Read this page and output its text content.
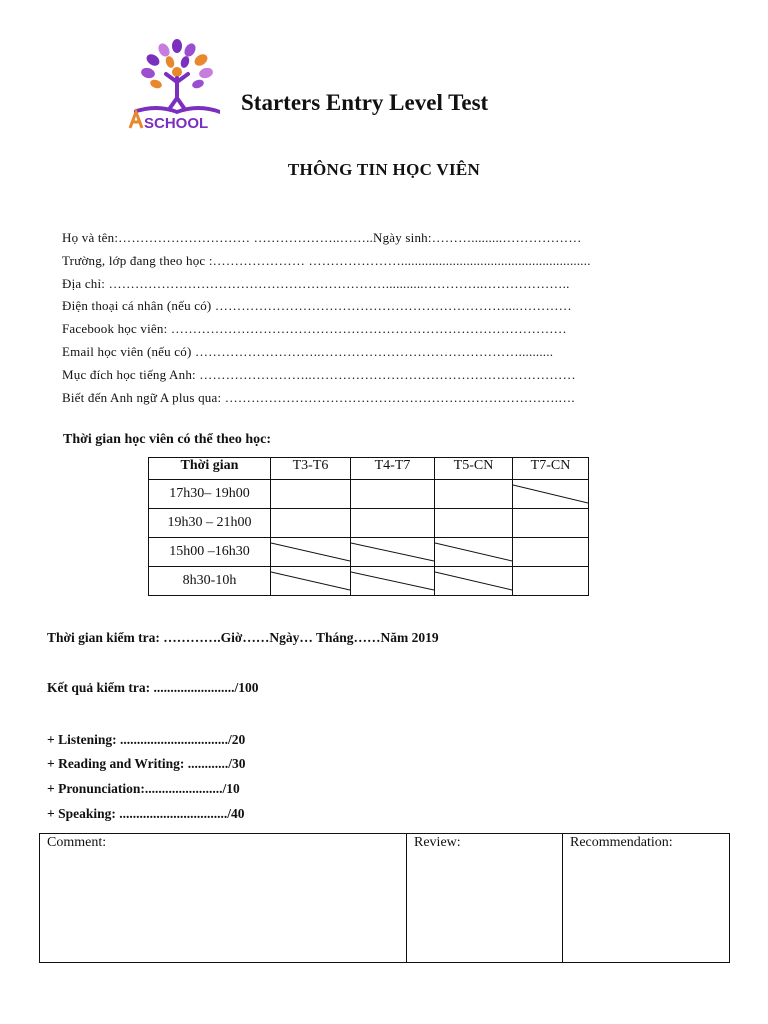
SCHOOL
Starters Entry Level Test
THÔNG TIN HỌC VIÊN
Họ và tên:………………………… ………………..……..Ngày sinh:……….........………………
Trường, lớp đang theo học :………………… ………………….......................................................
Địa chỉ: ………………………………………………………...........…………..………………..
Điện thoại cá nhân (nếu có) …………………………………………………………....…………
Facebook học viên: ………………………………………………………………………………
Email học viên (nếu có) ………………………..………………………………………..........
Mục đích học tiếng Anh: ……………………..……………………………………………………
Biết đến Anh ngữ A plus qua: ………………………………………………………………….….
Thời gian học viên có thể theo học:
Thời gian	T3-T6	T4-T7	T5-CN	T7-CN
17h30– 19h00				

19h30 – 21h00				
15h00 –16h30	

8h30-10h	

Thời gian kiểm tra: ………….Giờ……Ngày… Tháng……Năm 2019
Kết quả kiểm tra: ......................../100
+ Listening: ................................/20
+ Reading and Writing: ............/30
+ Pronunciation:......................./10
+ Speaking: ................................/40
Comment:	Review:	Recommendation:
